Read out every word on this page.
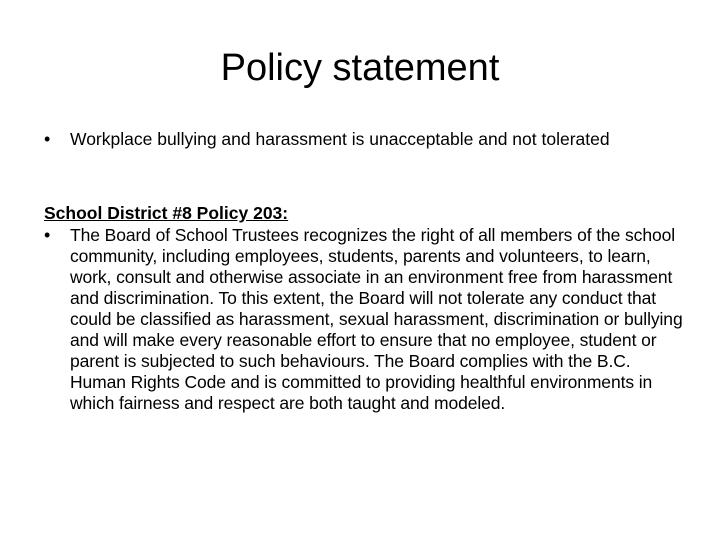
Policy statement
•	Workplace bullying and harassment is unacceptable and not tolerated

School District #8 Policy 203:

•	The Board of School Trustees recognizes the right of all members of the school community, including employees, students, parents and volunteers, to learn, work, consult and otherwise associate in an environment free from harassment and discrimination. To this extent, the Board will not tolerate any conduct that could be classified as harassment, sexual harassment, discrimination or bullying and will make every reasonable effort to ensure that no employee, student or parent is subjected to such behaviours. The Board complies with the B.C. Human Rights Code and is committed to providing healthful environments in which fairness and respect are both taught and modeled.
